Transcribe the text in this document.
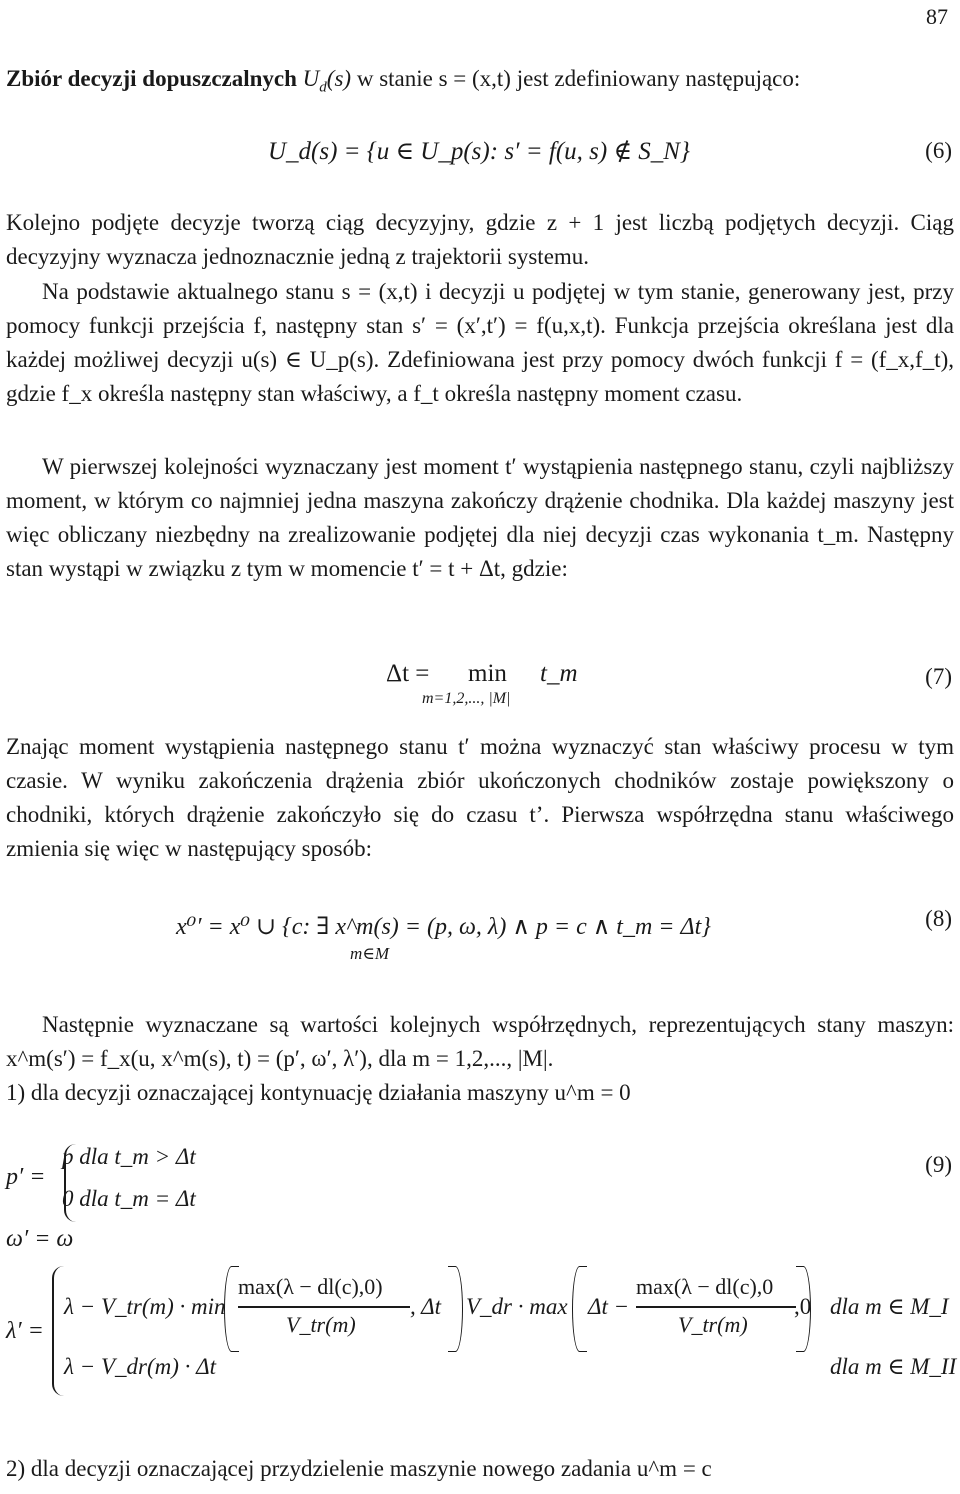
87

Zbiór decyzji dopuszczalnych $U_d(s)$ w stanie s = (x,t) jest zdefiniowany następująco:

U_d(s) = {u ∈ U_p(s): s′ = f(u, s) ∉ S_N}	(6)

Kolejno podjęte decyzje tworzą ciąg decyzyjny, gdzie z + 1 jest liczbą podjętych decyzji. Ciąg decyzyjny wyznacza jednoznacznie jedną z trajektorii systemu.

Na podstawie aktualnego stanu s = (x,t) i decyzji u podjętej w tym stanie, generowany jest, przy pomocy funkcji przejścia f, następny stan s′ = (x′,t′) = f(u,x,t). Funkcja przejścia określana jest dla każdej możliwej decyzji u(s) ∈ U_p(s). Zdefiniowana jest przy pomocy dwóch funkcji f = (f_x,f_t), gdzie f_x określa następny stan właściwy, a f_t określa następny moment czasu.

W pierwszej kolejności wyznaczany jest moment t′ wystąpienia następnego stanu, czyli najbliższy moment, w którym co najmniej jedna maszyna zakończy drążenie chodnika. Dla każdej maszyny jest więc obliczany niezbędny na zrealizowanie podjętej dla niej decyzji czas wykonania t_m. Następny stan wystąpi w związku z tym w momencie t′ = t + Δt, gdzie:

Δt = min
m=1,2,..., |M|
t_m	(7)

Znając moment wystąpienia następnego stanu t′ można wyznaczyć stan właściwy procesu w tym czasie. W wyniku zakończenia drążenia zbiór ukończonych chodników zostaje powiększony o chodniki, których drążenie zakończyło się do czasu t’. Pierwsza współrzędna stanu właściwego zmienia się więc w następujący sposób:

x⁰′ = x⁰ ∪ {c: ∃ x^m(s) = (p, ω, λ) ∧ p = c ∧ t_m = Δt}
m∈M
(8)

Następnie wyznaczane są wartości kolejnych współrzędnych, reprezentujących stany maszyn: x^m(s′) = f_x(u, x^m(s), t) = (p′, ω′, λ′), dla m = 1,2,..., |M|.

1) dla decyzji oznaczającej kontynuację działania maszyny u^m = 0

(9)
p′ =
p dla t_m > Δt
0 dla t_m = Δt
ω′ = ω
λ′ =
λ − V_tr(m) · min
max(λ − dl(c),0)
V_tr(m)
, Δt V_dr · max Δt −
max(λ − dl(c),0
V_tr(m)
,0 dla m ∈ M_I
λ − V_dr(m) · Δt	dla m ∈ M_II

2) dla decyzji oznaczającej przydzielenie maszynie nowego zadania u^m = c
